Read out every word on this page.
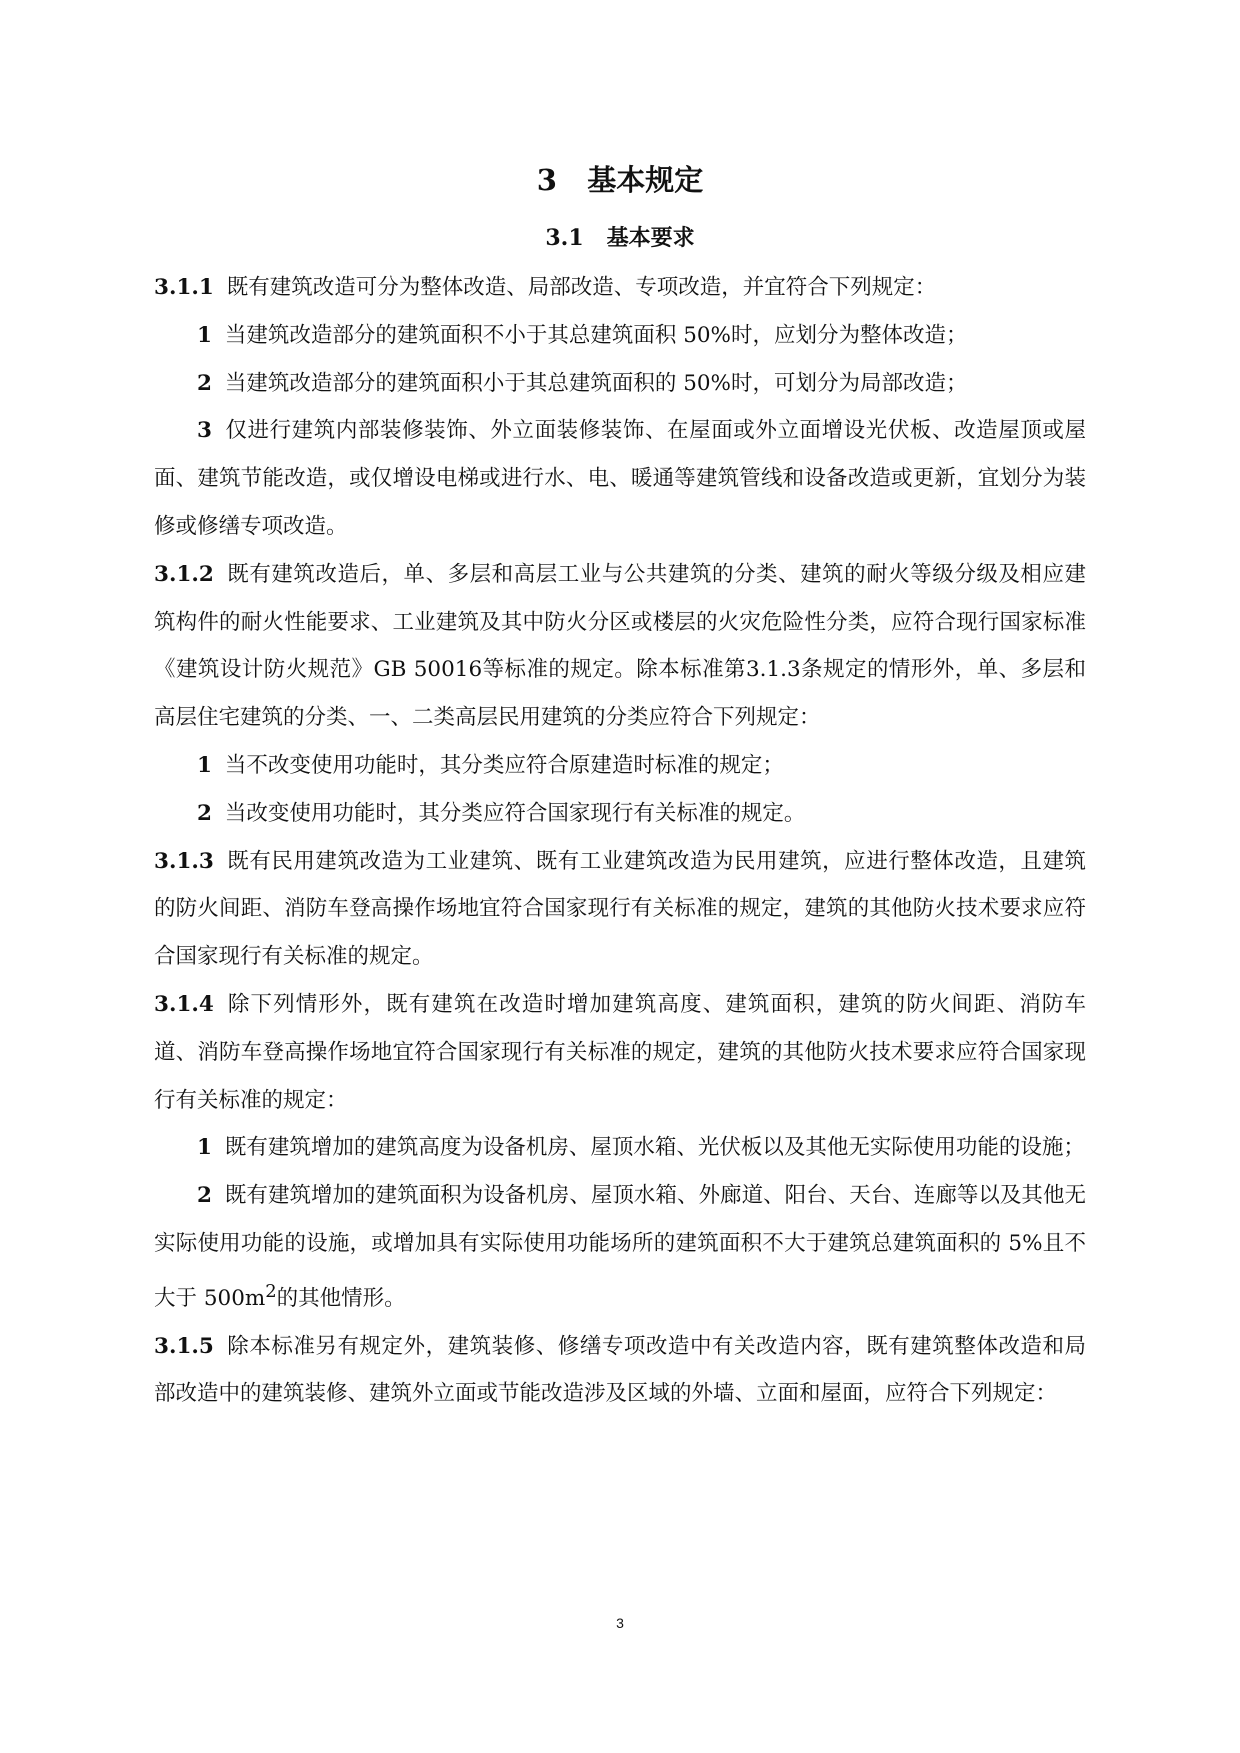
3   基本规定
3.1   基本要求

3.1.1 既有建筑改造可分为整体改造、局部改造、专项改造，并宜符合下列规定：

1 当建筑改造部分的建筑面积不小于其总建筑面积 50%时，应划分为整体改造；

2 当建筑改造部分的建筑面积小于其总建筑面积的 50%时，可划分为局部改造；

3 仅进行建筑内部装修装饰、外立面装修装饰、在屋面或外立面增设光伏板、改造屋顶或屋面、建筑节能改造，或仅增设电梯或进行水、电、暖通等建筑管线和设备改造或更新，宜划分为装修或修缮专项改造。

3.1.2 既有建筑改造后，单、多层和高层工业与公共建筑的分类、建筑的耐火等级分级及相应建筑构件的耐火性能要求、工业建筑及其中防火分区或楼层的火灾危险性分类，应符合现行国家标准《建筑设计防火规范》GB 50016等标准的规定。除本标准第3.1.3条规定的情形外，单、多层和高层住宅建筑的分类、一、二类高层民用建筑的分类应符合下列规定：

1 当不改变使用功能时，其分类应符合原建造时标准的规定；

2 当改变使用功能时，其分类应符合国家现行有关标准的规定。

3.1.3 既有民用建筑改造为工业建筑、既有工业建筑改造为民用建筑，应进行整体改造，且建筑的防火间距、消防车登高操作场地宜符合国家现行有关标准的规定，建筑的其他防火技术要求应符合国家现行有关标准的规定。

3.1.4 除下列情形外，既有建筑在改造时增加建筑高度、建筑面积，建筑的防火间距、消防车道、消防车登高操作场地宜符合国家现行有关标准的规定，建筑的其他防火技术要求应符合国家现行有关标准的规定：

1 既有建筑增加的建筑高度为设备机房、屋顶水箱、光伏板以及其他无实际使用功能的设施；

2 既有建筑增加的建筑面积为设备机房、屋顶水箱、外廊道、阳台、天台、连廊等以及其他无实际使用功能的设施，或增加具有实际使用功能场所的建筑面积不大于建筑总建筑面积的 5%且不大于 $500m^2$的其他情形。

3.1.5 除本标准另有规定外，建筑装修、修缮专项改造中有关改造内容，既有建筑整体改造和局部改造中的建筑装修、建筑外立面或节能改造涉及区域的外墙、立面和屋面，应符合下列规定：

3
